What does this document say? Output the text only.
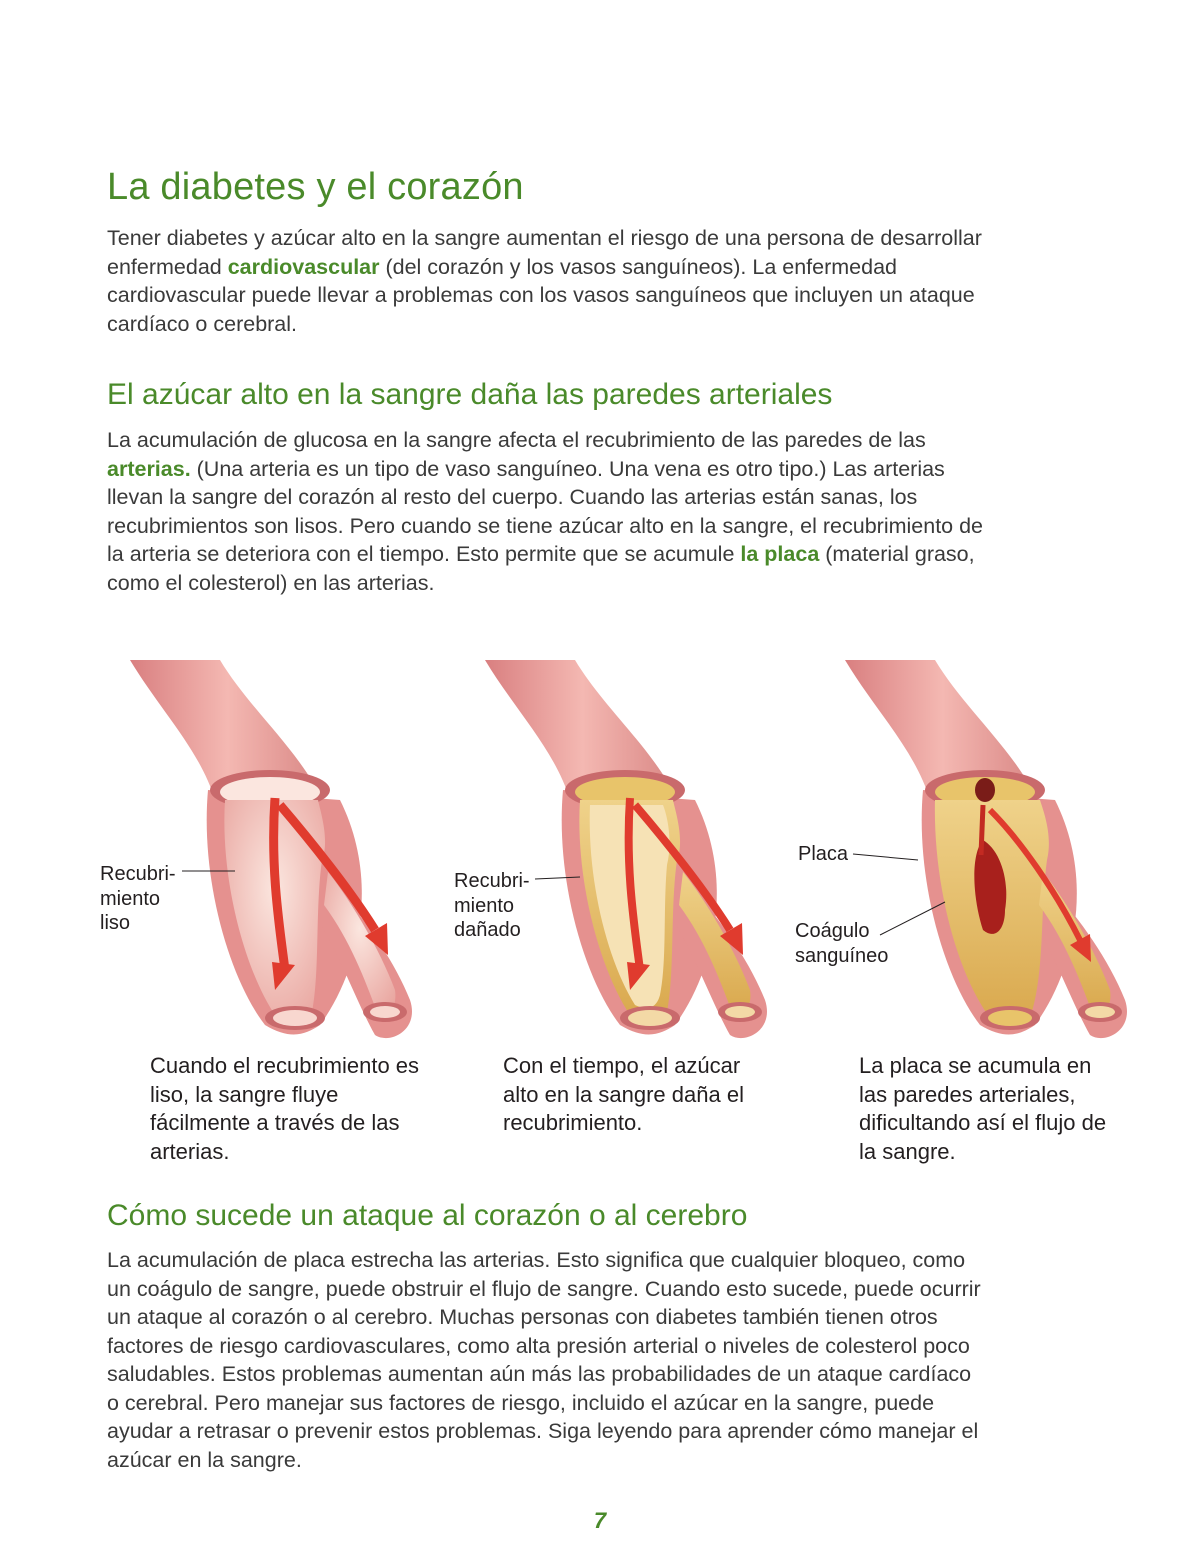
La diabetes y el corazón

Tener diabetes y azúcar alto en la sangre aumentan el riesgo de una persona de desarrollar enfermedad cardiovascular (del corazón y los vasos sanguíneos). La enfermedad cardiovascular puede llevar a problemas con los vasos sanguíneos que incluyen un ataque cardíaco o cerebral.

El azúcar alto en la sangre daña las paredes arteriales

La acumulación de glucosa en la sangre afecta el recubrimiento de las paredes de las arterias. (Una arteria es un tipo de vaso sanguíneo. Una vena es otro tipo.) Las arterias llevan la sangre del corazón al resto del cuerpo. Cuando las arterias están sanas, los recubrimientos son lisos. Pero cuando se tiene azúcar alto en la sangre, el recubrimiento de la arteria se deteriora con el tiempo. Esto permite que se acumule la placa (material graso, como el colesterol) en las arterias.

Recubri-
miento
liso
Recubri-
miento
dañado
Placa
Coágulo
sanguíneo

Cuando el recubrimiento es liso, la sangre fluye fácilmente a través de las arterias.

Con el tiempo, el azúcar alto en la sangre daña el recubrimiento.

La placa se acumula en las paredes arteriales, dificultando así el flujo de la sangre.

Cómo sucede un ataque al corazón o al cerebro

La acumulación de placa estrecha las arterias. Esto significa que cualquier bloqueo, como un coágulo de sangre, puede obstruir el flujo de sangre. Cuando esto sucede, puede ocurrir un ataque al corazón o al cerebro. Muchas personas con diabetes también tienen otros factores de riesgo cardiovasculares, como alta presión arterial o niveles de colesterol poco saludables. Estos problemas aumentan aún más las probabilidades de un ataque cardíaco o cerebral. Pero manejar sus factores de riesgo, incluido el azúcar en la sangre, puede ayudar a retrasar o prevenir estos problemas. Siga leyendo para aprender cómo manejar el azúcar en la sangre.

7
